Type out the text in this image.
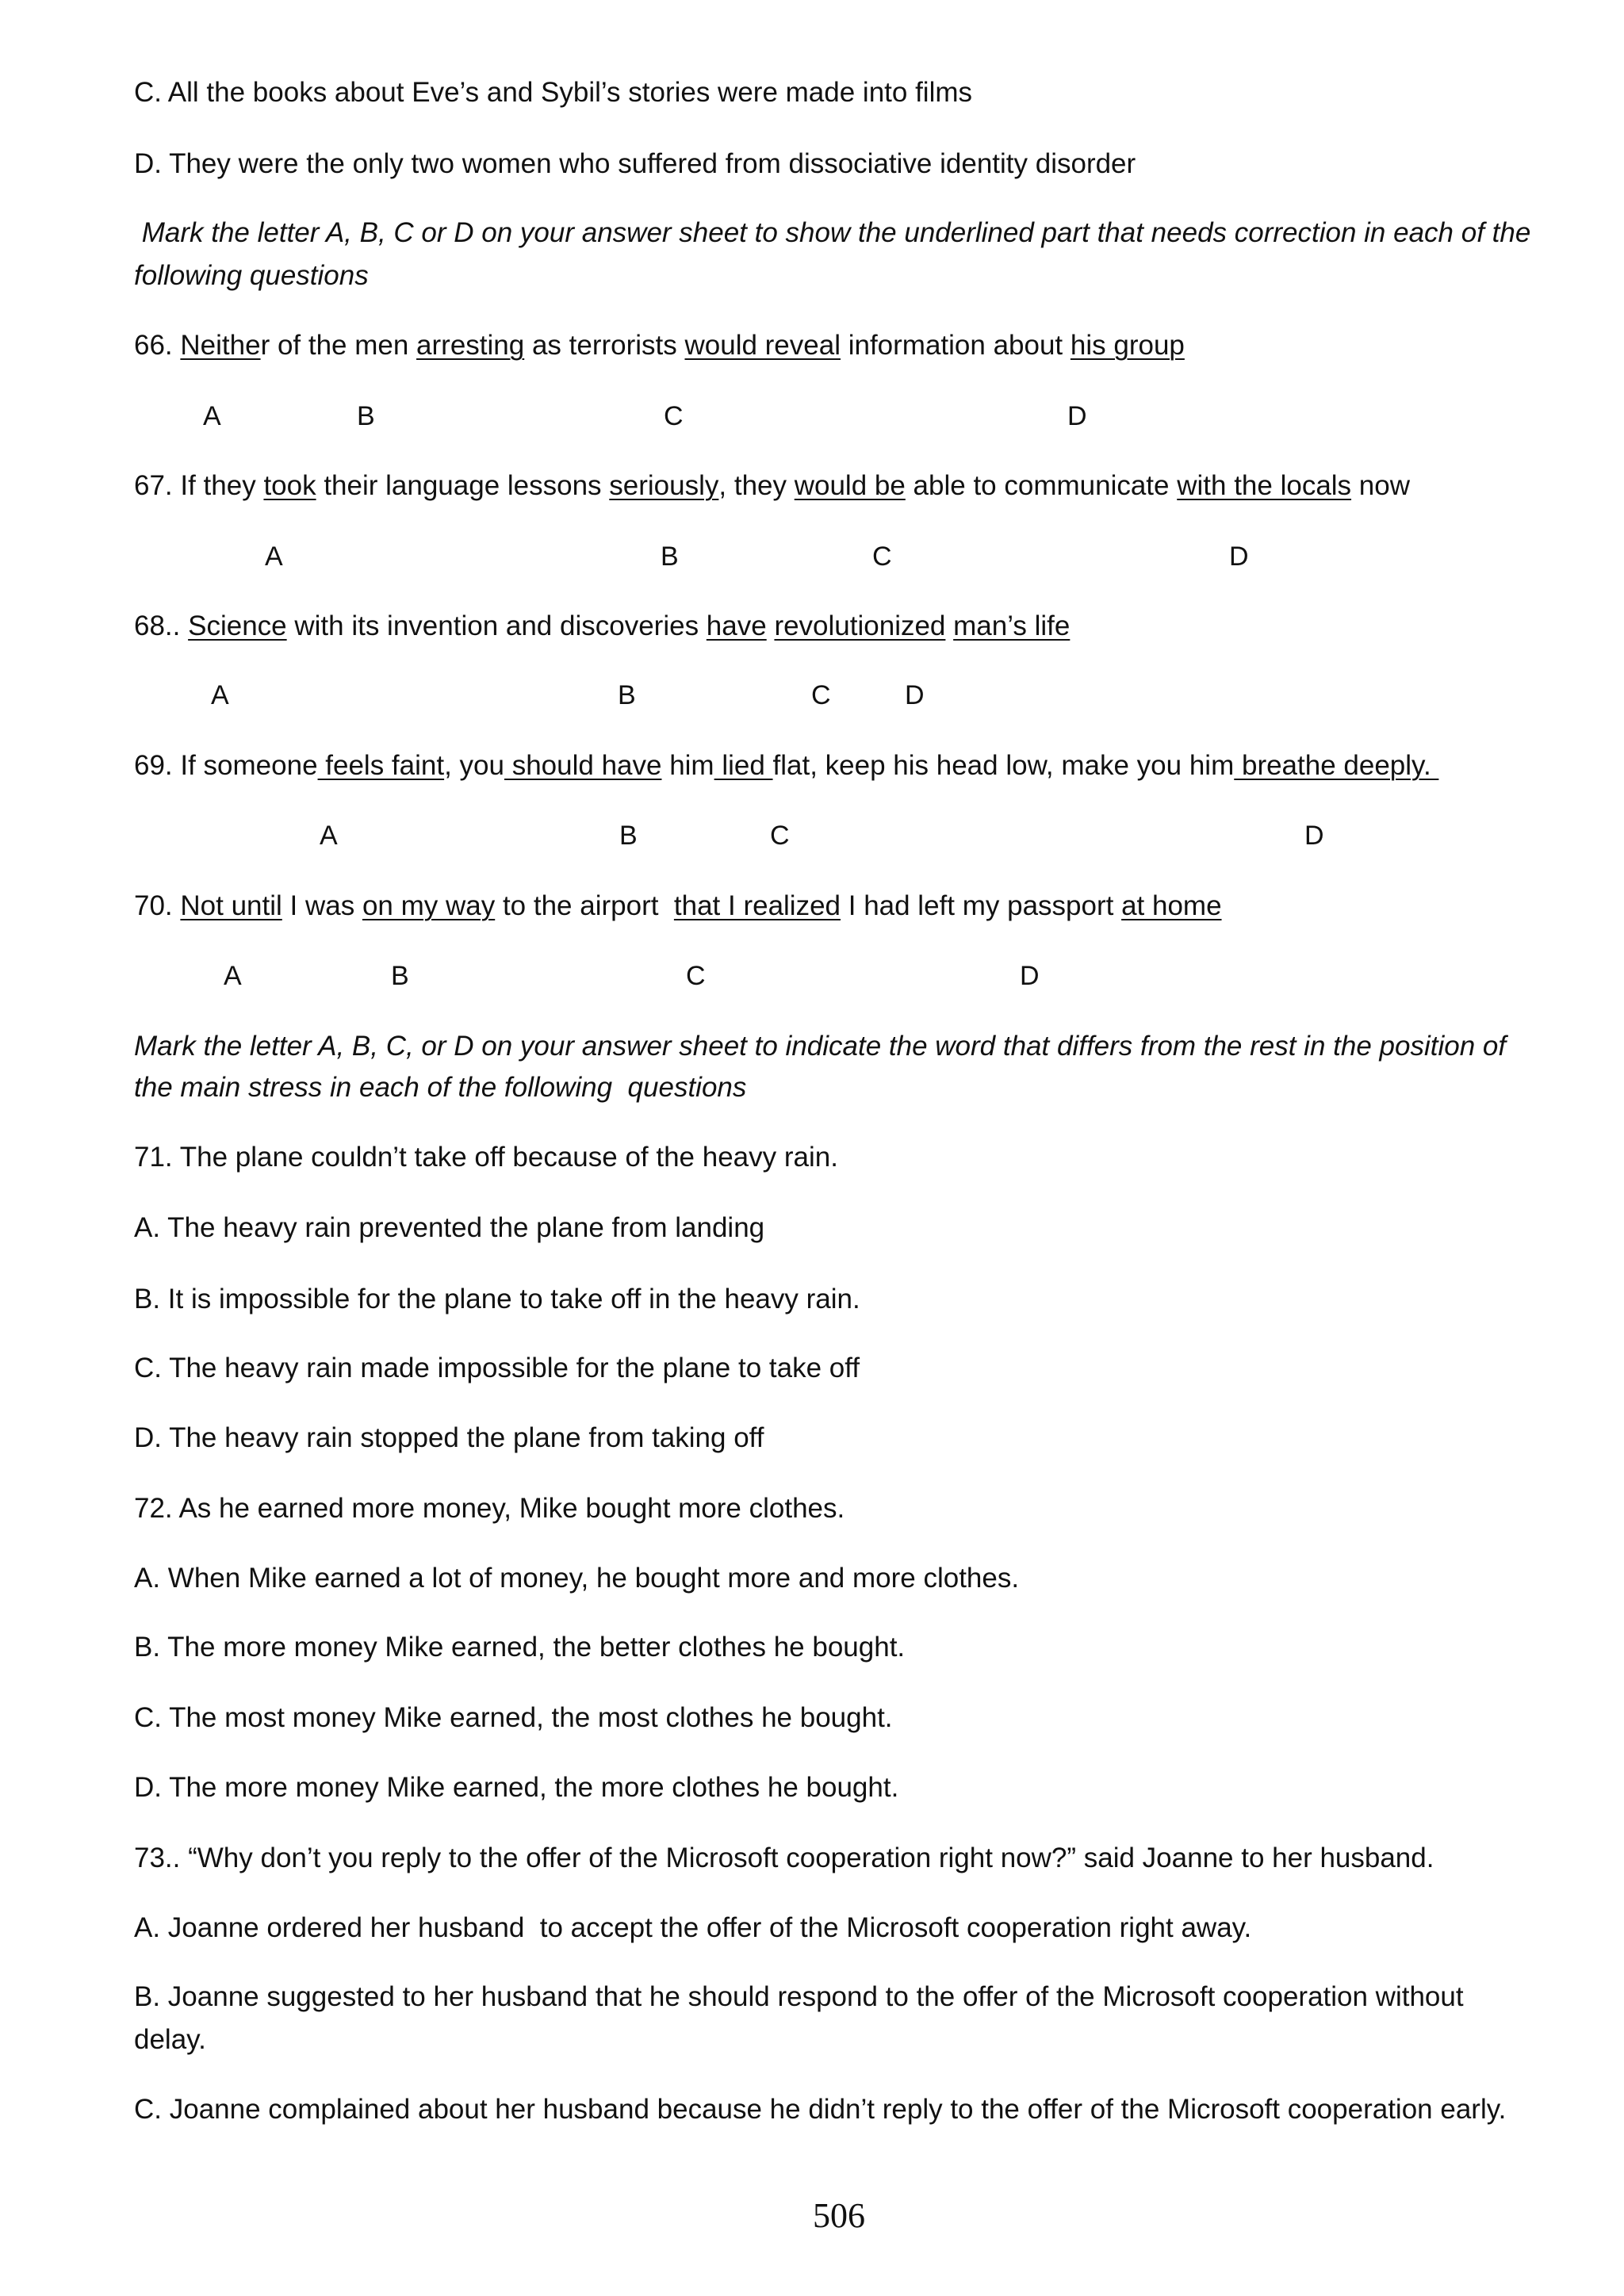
C. All the books about Eve’s and Sybil’s stories were made into films
D. They were the only two women who suffered from dissociative identity disorder
Mark the letter A, B, C or D on your answer sheet to show the underlined part that needs correction in each of the
following questions
66.  Neithe r of the men  arresting  as terrorists  would reveal  information about  his group
A	B	C	D
67. If they  took  their language lessons  seriously , they  would be  able to communicate  with the locals  now
A	B	C	D
68..  Science  with its invention and discoveries  have revolutionized man’s life
A	B	C	D
69. If someone  feels faint , you  should have  him  lied  flat, keep his head low, make you him  breathe deeply.
A	B	C	D
70.  Not until  I was  on my way  to the airport   that I realized  I had left my passport  at home
A	B	C	D
Mark the letter A, B, C, or D on your answer sheet to indicate the word that differs from the rest in the position of
the main stress in each of the following  questions
71. The plane couldn’t take off because of the heavy rain.
A. The heavy rain prevented the plane from landing
B. It is impossible for the plane to take off in the heavy rain.
C. The heavy rain made impossible for the plane to take off
D. The heavy rain stopped the plane from taking off
72. As he earned more money, Mike bought more clothes.
A. When Mike earned a lot of money, he bought more and more clothes.
B. The more money Mike earned, the better clothes he bought.
C. The most money Mike earned, the most clothes he bought.
D. The more money Mike earned, the more clothes he bought.
73.. “Why don’t you reply to the offer of the Microsoft cooperation right now?” said Joanne to her husband.
A. Joanne ordered her husband  to accept the offer of the Microsoft cooperation right away.
B. Joanne suggested to her husband that he should respond to the offer of the Microsoft cooperation without
delay.
C. Joanne complained about her husband because he didn’t reply to the offer of the Microsoft cooperation early.
506
